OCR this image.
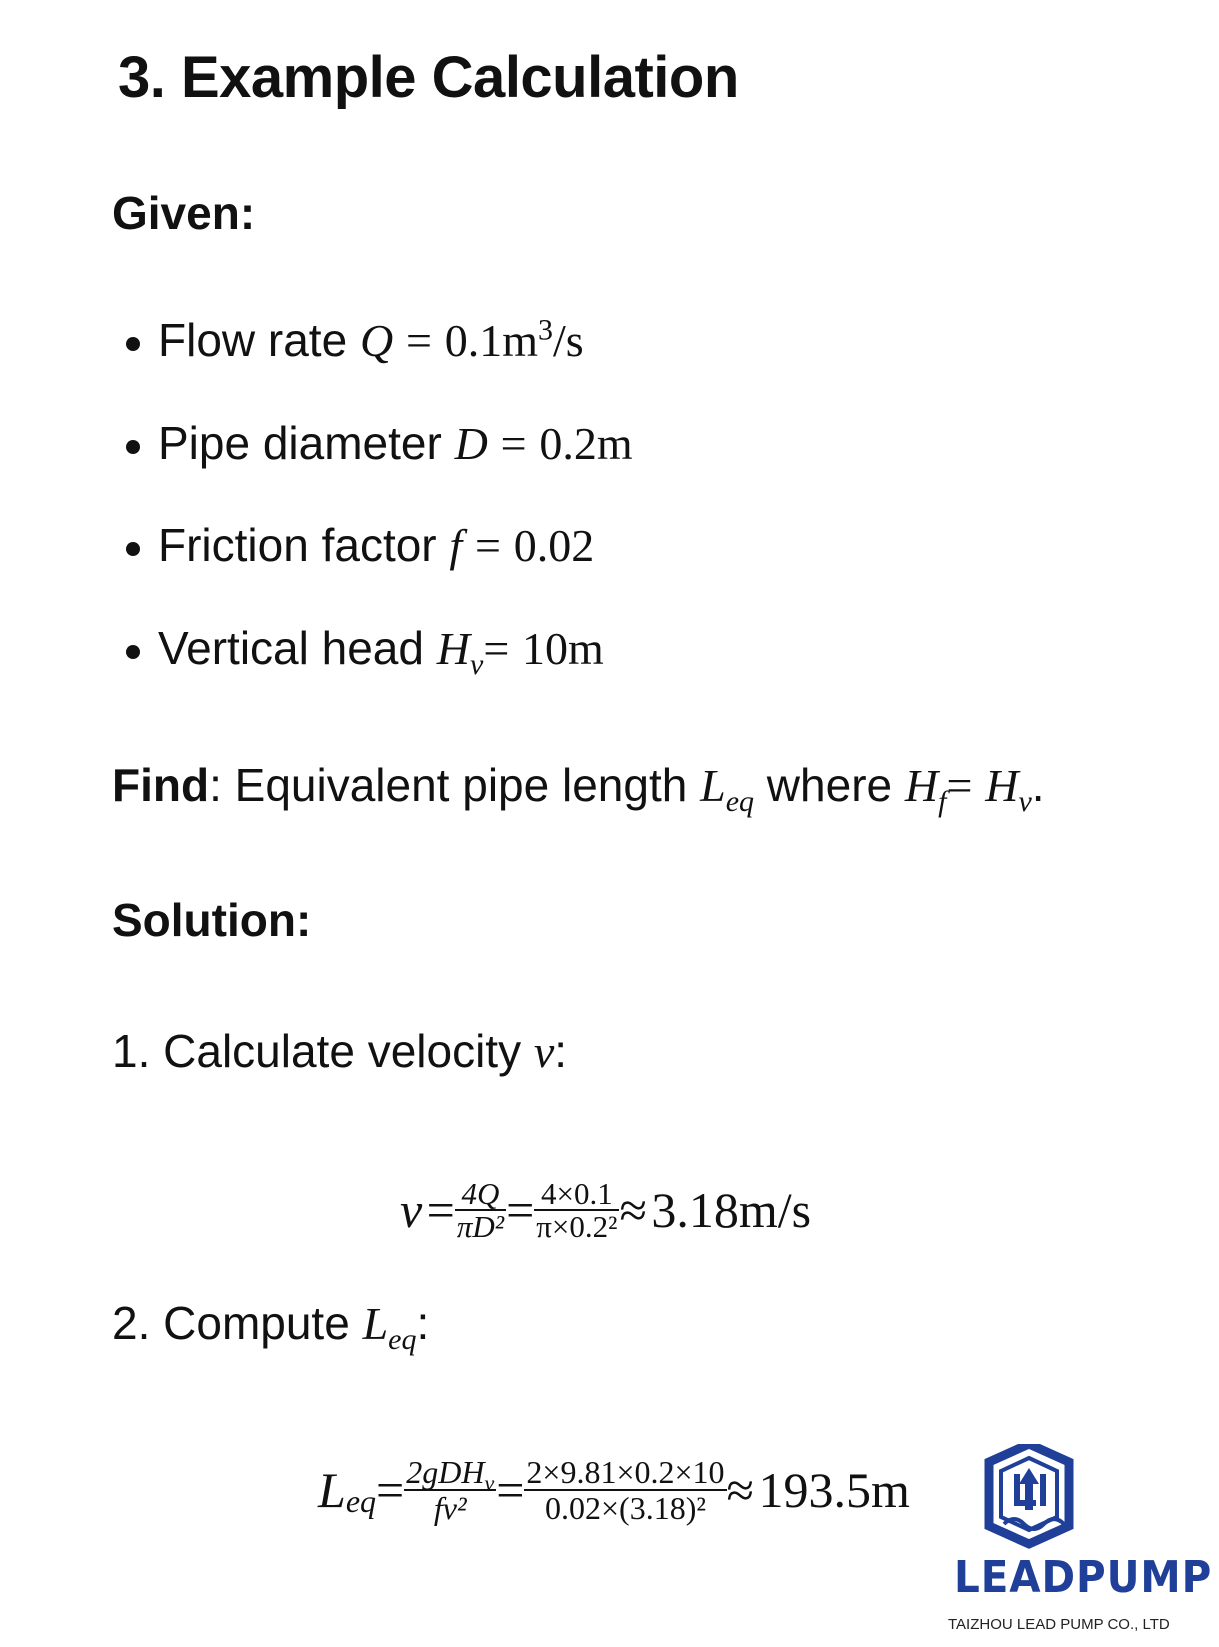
3. Example Calculation
Given:
Flow rate $Q = 0.1m^3/s$
Pipe diameter D = 0.2m
Friction factor f = 0.02
Vertical head $H_v= 10m$
Find: Equivalent pipe length $L_{eq}$ where $H_f= H_v$.
Solution:
1. Calculate velocity v:
$v = \frac{4Q}{\text{πD²}} = \frac{4\times 0.1}{\text{π×0.2²}} \approx 3.18m/s$
2. Compute $L_{eq}$:
$L_{eq}= \frac{2gDH_v}{\text{fv²}} = \frac{2\times 9.81\times 0.2\times 10}{\text{0.02×(3.18)²}} \approx 193.5m$
LEADPUMP
TAIZHOU LEAD PUMP CO., LTD
